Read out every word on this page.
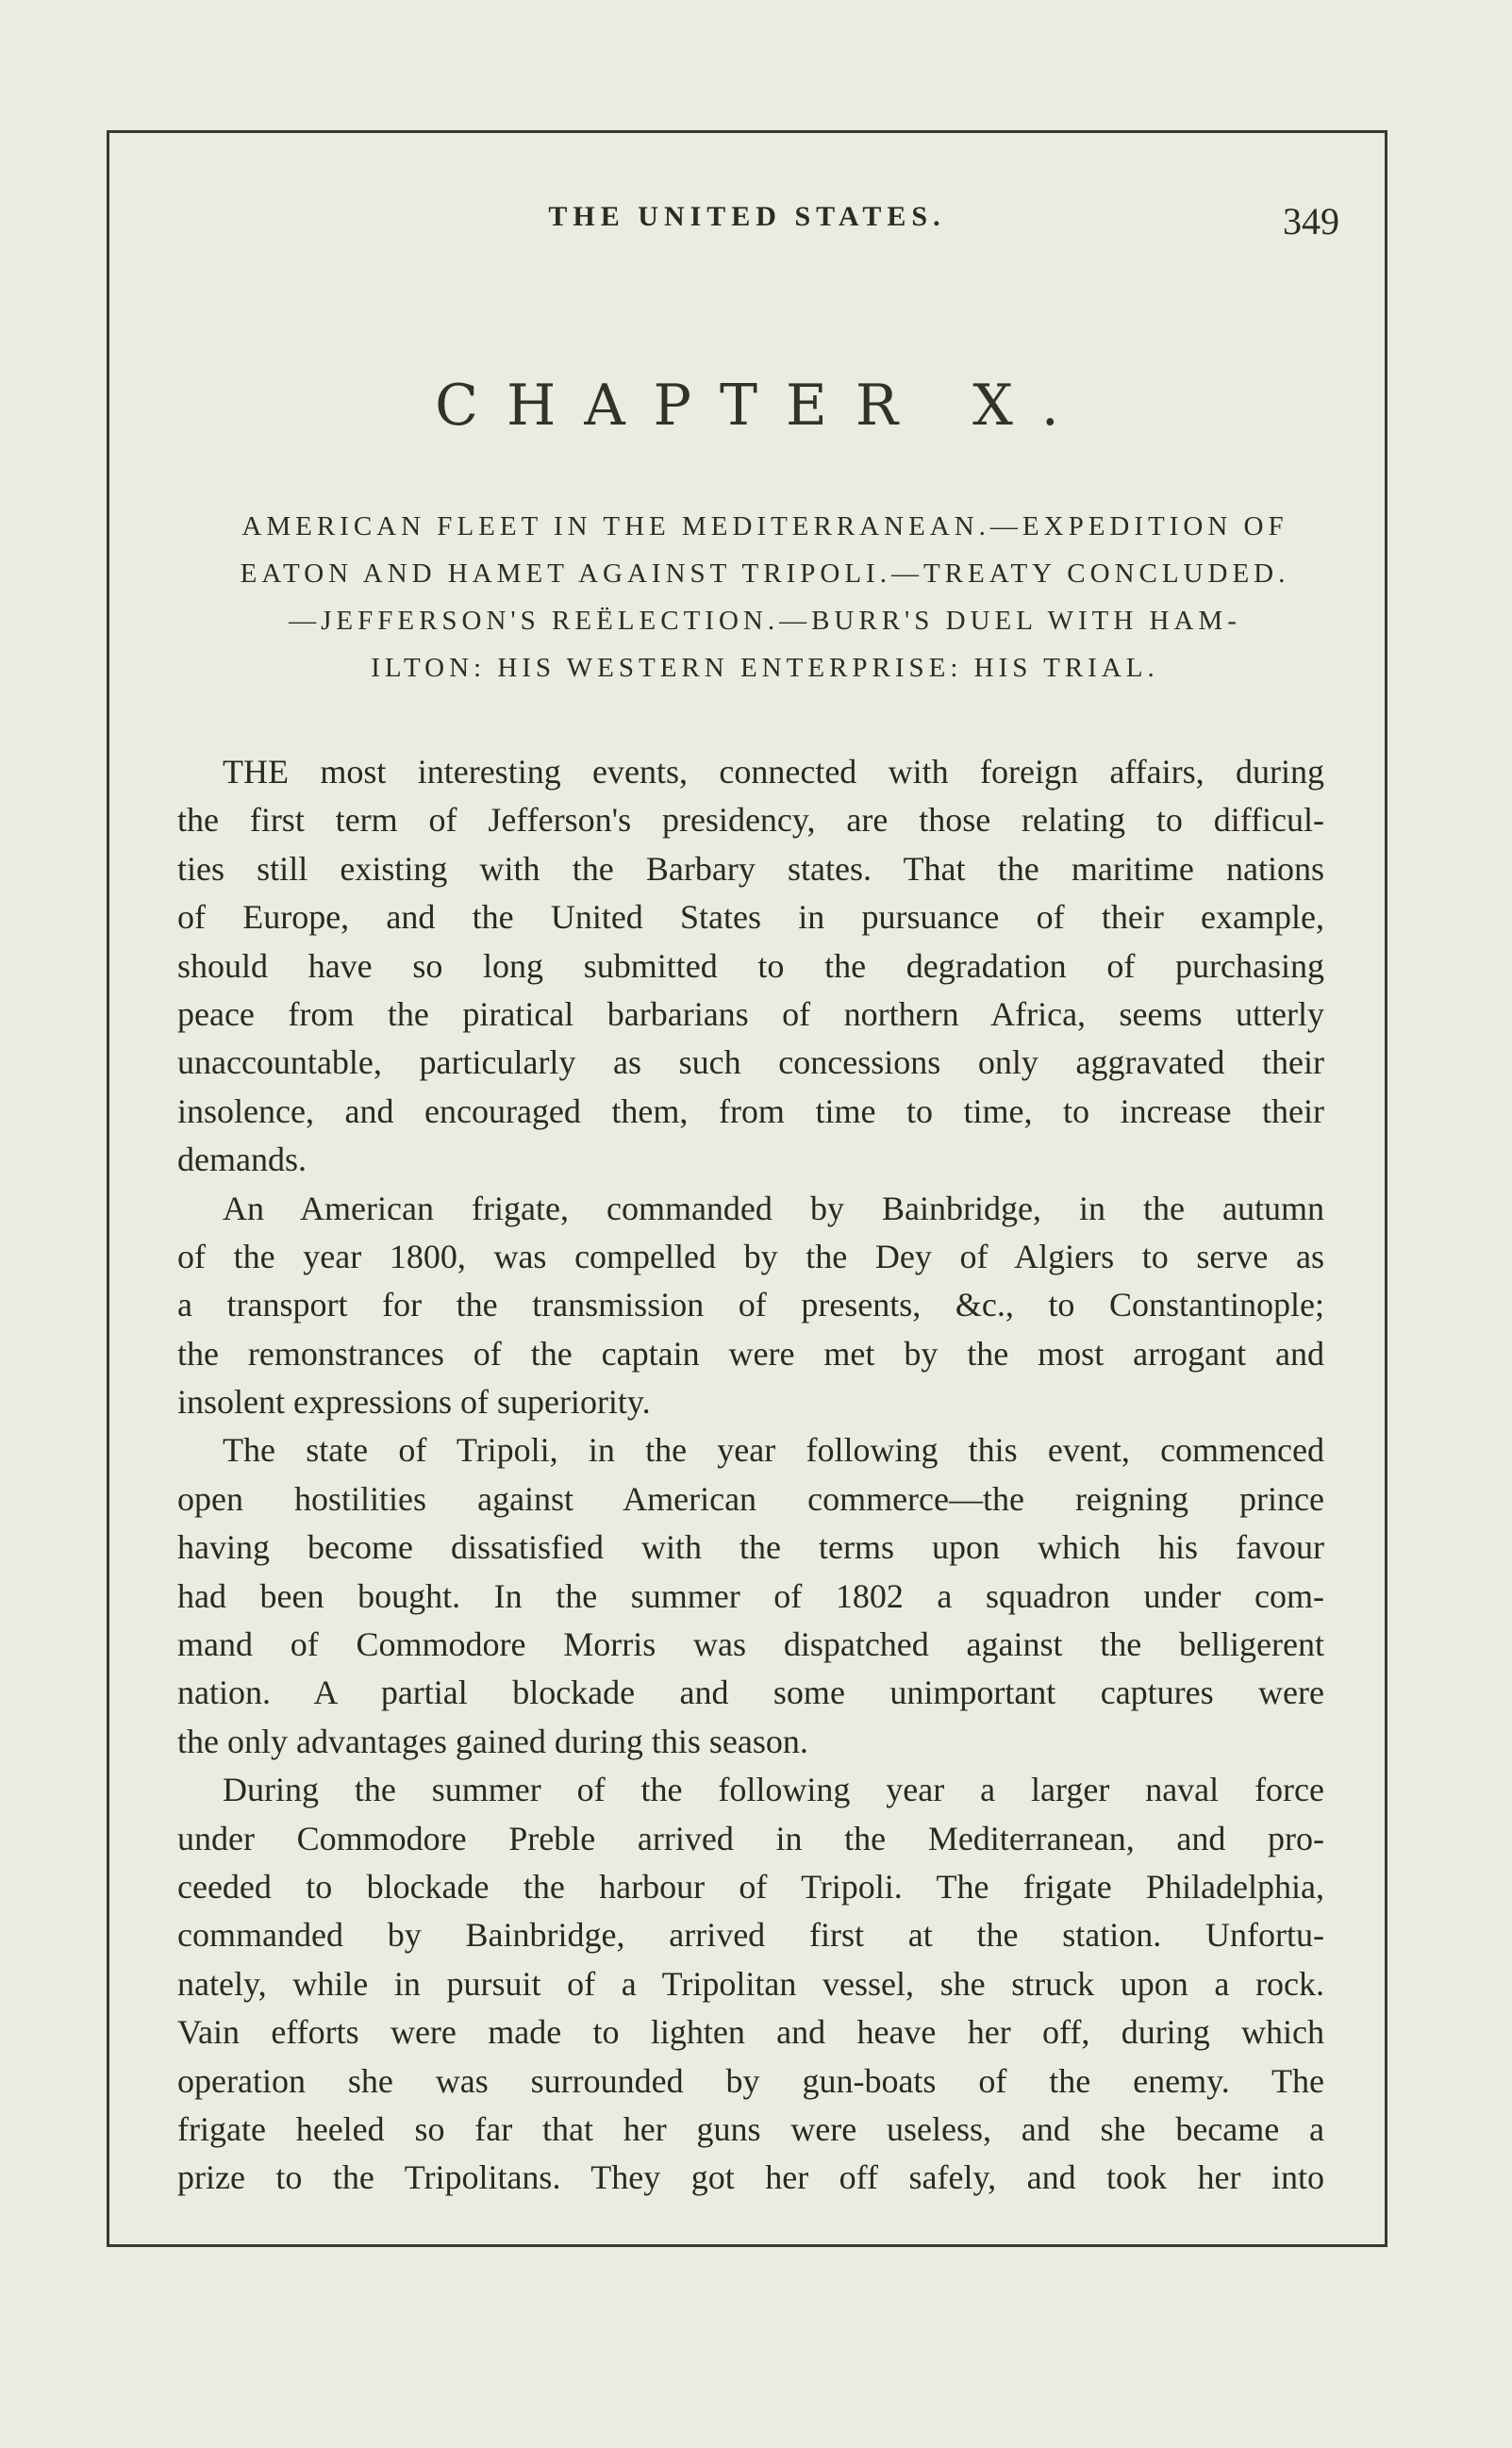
THE UNITED STATES.	349
CHAPTER X.
AMERICAN FLEET IN THE MEDITERRANEAN.—EXPEDITION OF
EATON AND HAMET AGAINST TRIPOLI.—TREATY CONCLUDED.
—JEFFERSON'S REËLECTION.—BURR'S DUEL WITH HAM-
ILTON: HIS WESTERN ENTERPRISE: HIS TRIAL.
THE most interesting events, connected with foreign affairs, during
the first term of Jefferson's presidency, are those relating to difficul-
ties still existing with the Barbary states. That the maritime nations
of Europe, and the United States in pursuance of their example,
should have so long submitted to the degradation of purchasing
peace from the piratical barbarians of northern Africa, seems utterly
unaccountable, particularly as such concessions only aggravated their
insolence, and encouraged them, from time to time, to increase their
demands.
An American frigate, commanded by Bainbridge, in the autumn
of the year 1800, was compelled by the Dey of Algiers to serve as
a transport for the transmission of presents, &c., to Constantinople;
the remonstrances of the captain were met by the most arrogant and
insolent expressions of superiority.
The state of Tripoli, in the year following this event, commenced
open hostilities against American commerce—the reigning prince
having become dissatisfied with the terms upon which his favour
had been bought. In the summer of 1802 a squadron under com-
mand of Commodore Morris was dispatched against the belligerent
nation. A partial blockade and some unimportant captures were
the only advantages gained during this season.
During the summer of the following year a larger naval force
under Commodore Preble arrived in the Mediterranean, and pro-
ceeded to blockade the harbour of Tripoli. The frigate Philadelphia,
commanded by Bainbridge, arrived first at the station. Unfortu-
nately, while in pursuit of a Tripolitan vessel, she struck upon a rock.
Vain efforts were made to lighten and heave her off, during which
operation she was surrounded by gun-boats of the enemy. The
frigate heeled so far that her guns were useless, and she became a
prize to the Tripolitans. They got her off safely, and took her into
